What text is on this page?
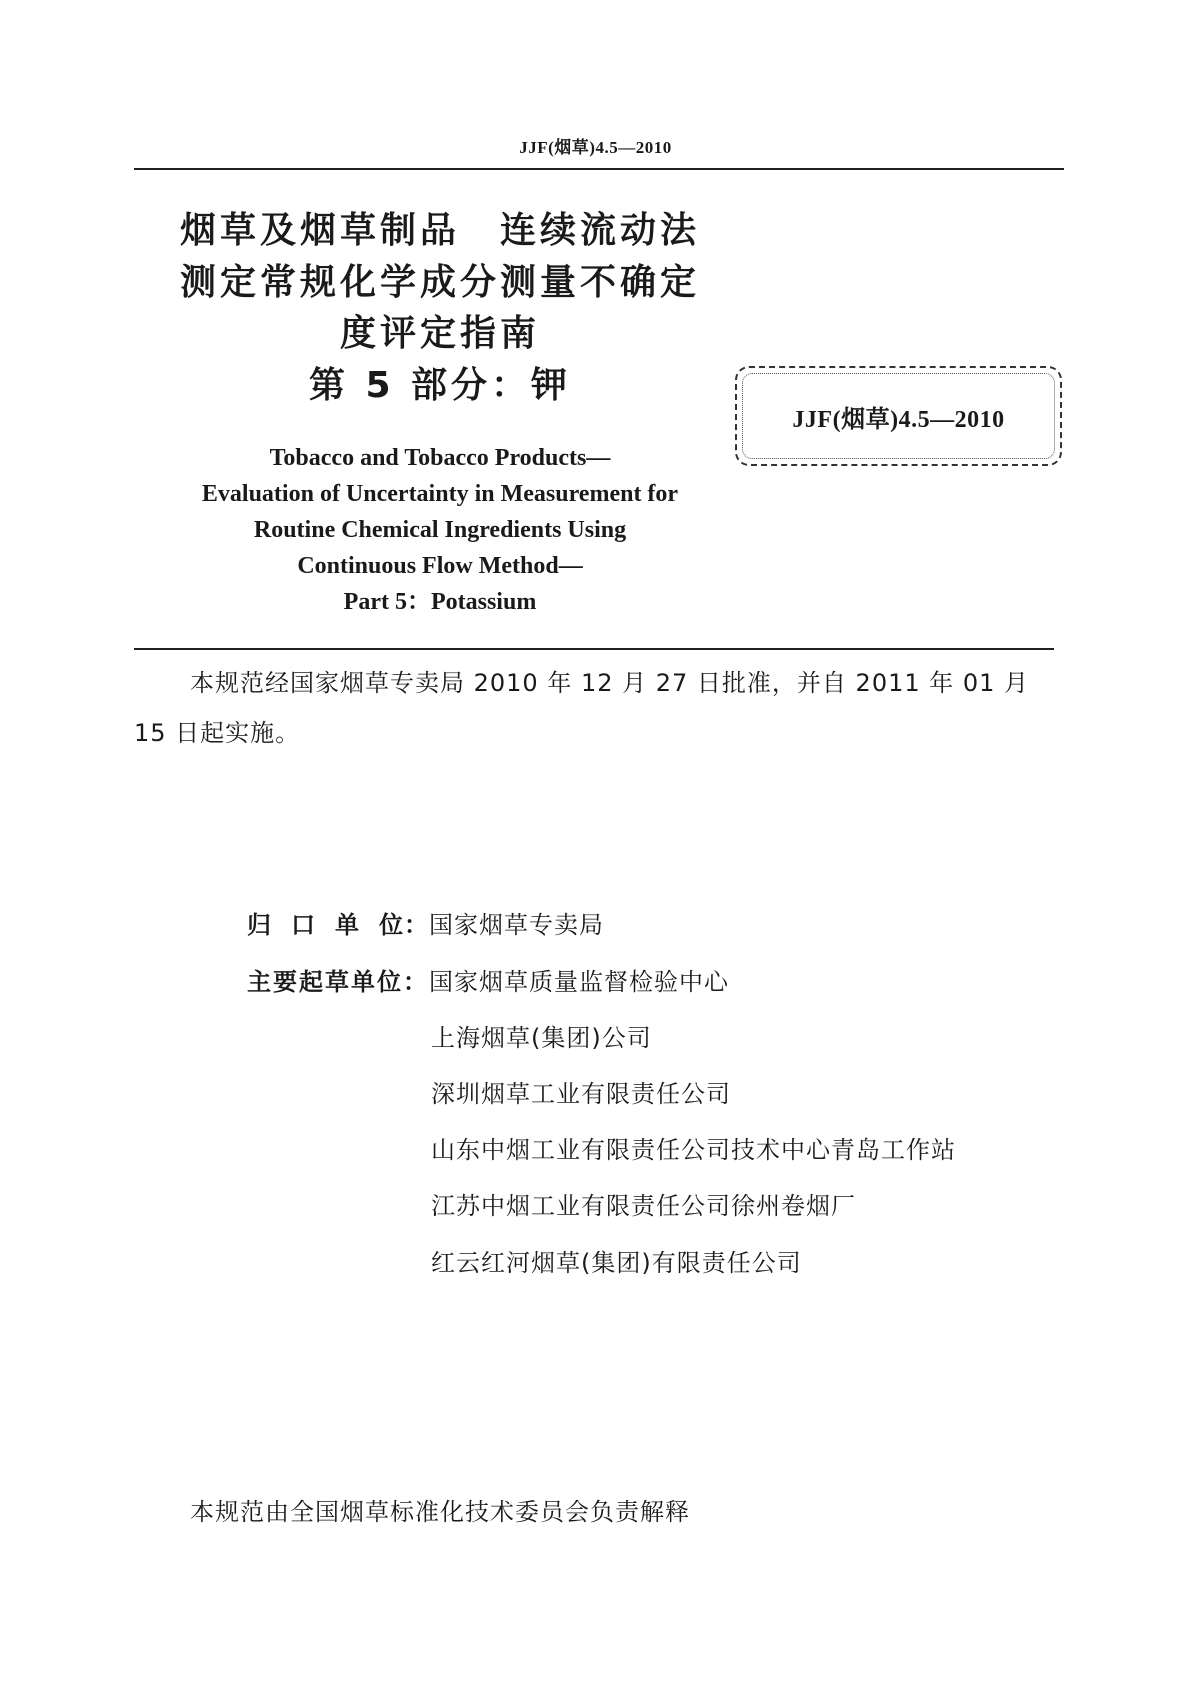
JJF(烟草)4.5—2010
烟草及烟草制品　连续流动法
测定常规化学成分测量不确定
度评定指南
第 5 部分：钾
Tobacco and Tobacco Products—
Evaluation of Uncertainty in Measurement for
Routine Chemical Ingredients Using
Continuous Flow Method—
Part 5：Potassium
JJF(烟草)4.5—2010
本规范经国家烟草专卖局 2010 年 12 月 27 日批准，并自 2011 年 01 月 15 日起实施。
归 口 单 位： 国家烟草专卖局
主要起草单位： 国家烟草质量监督检验中心
上海烟草(集团)公司
深圳烟草工业有限责任公司
山东中烟工业有限责任公司技术中心青岛工作站
江苏中烟工业有限责任公司徐州卷烟厂
红云红河烟草(集团)有限责任公司
本规范由全国烟草标准化技术委员会负责解释
